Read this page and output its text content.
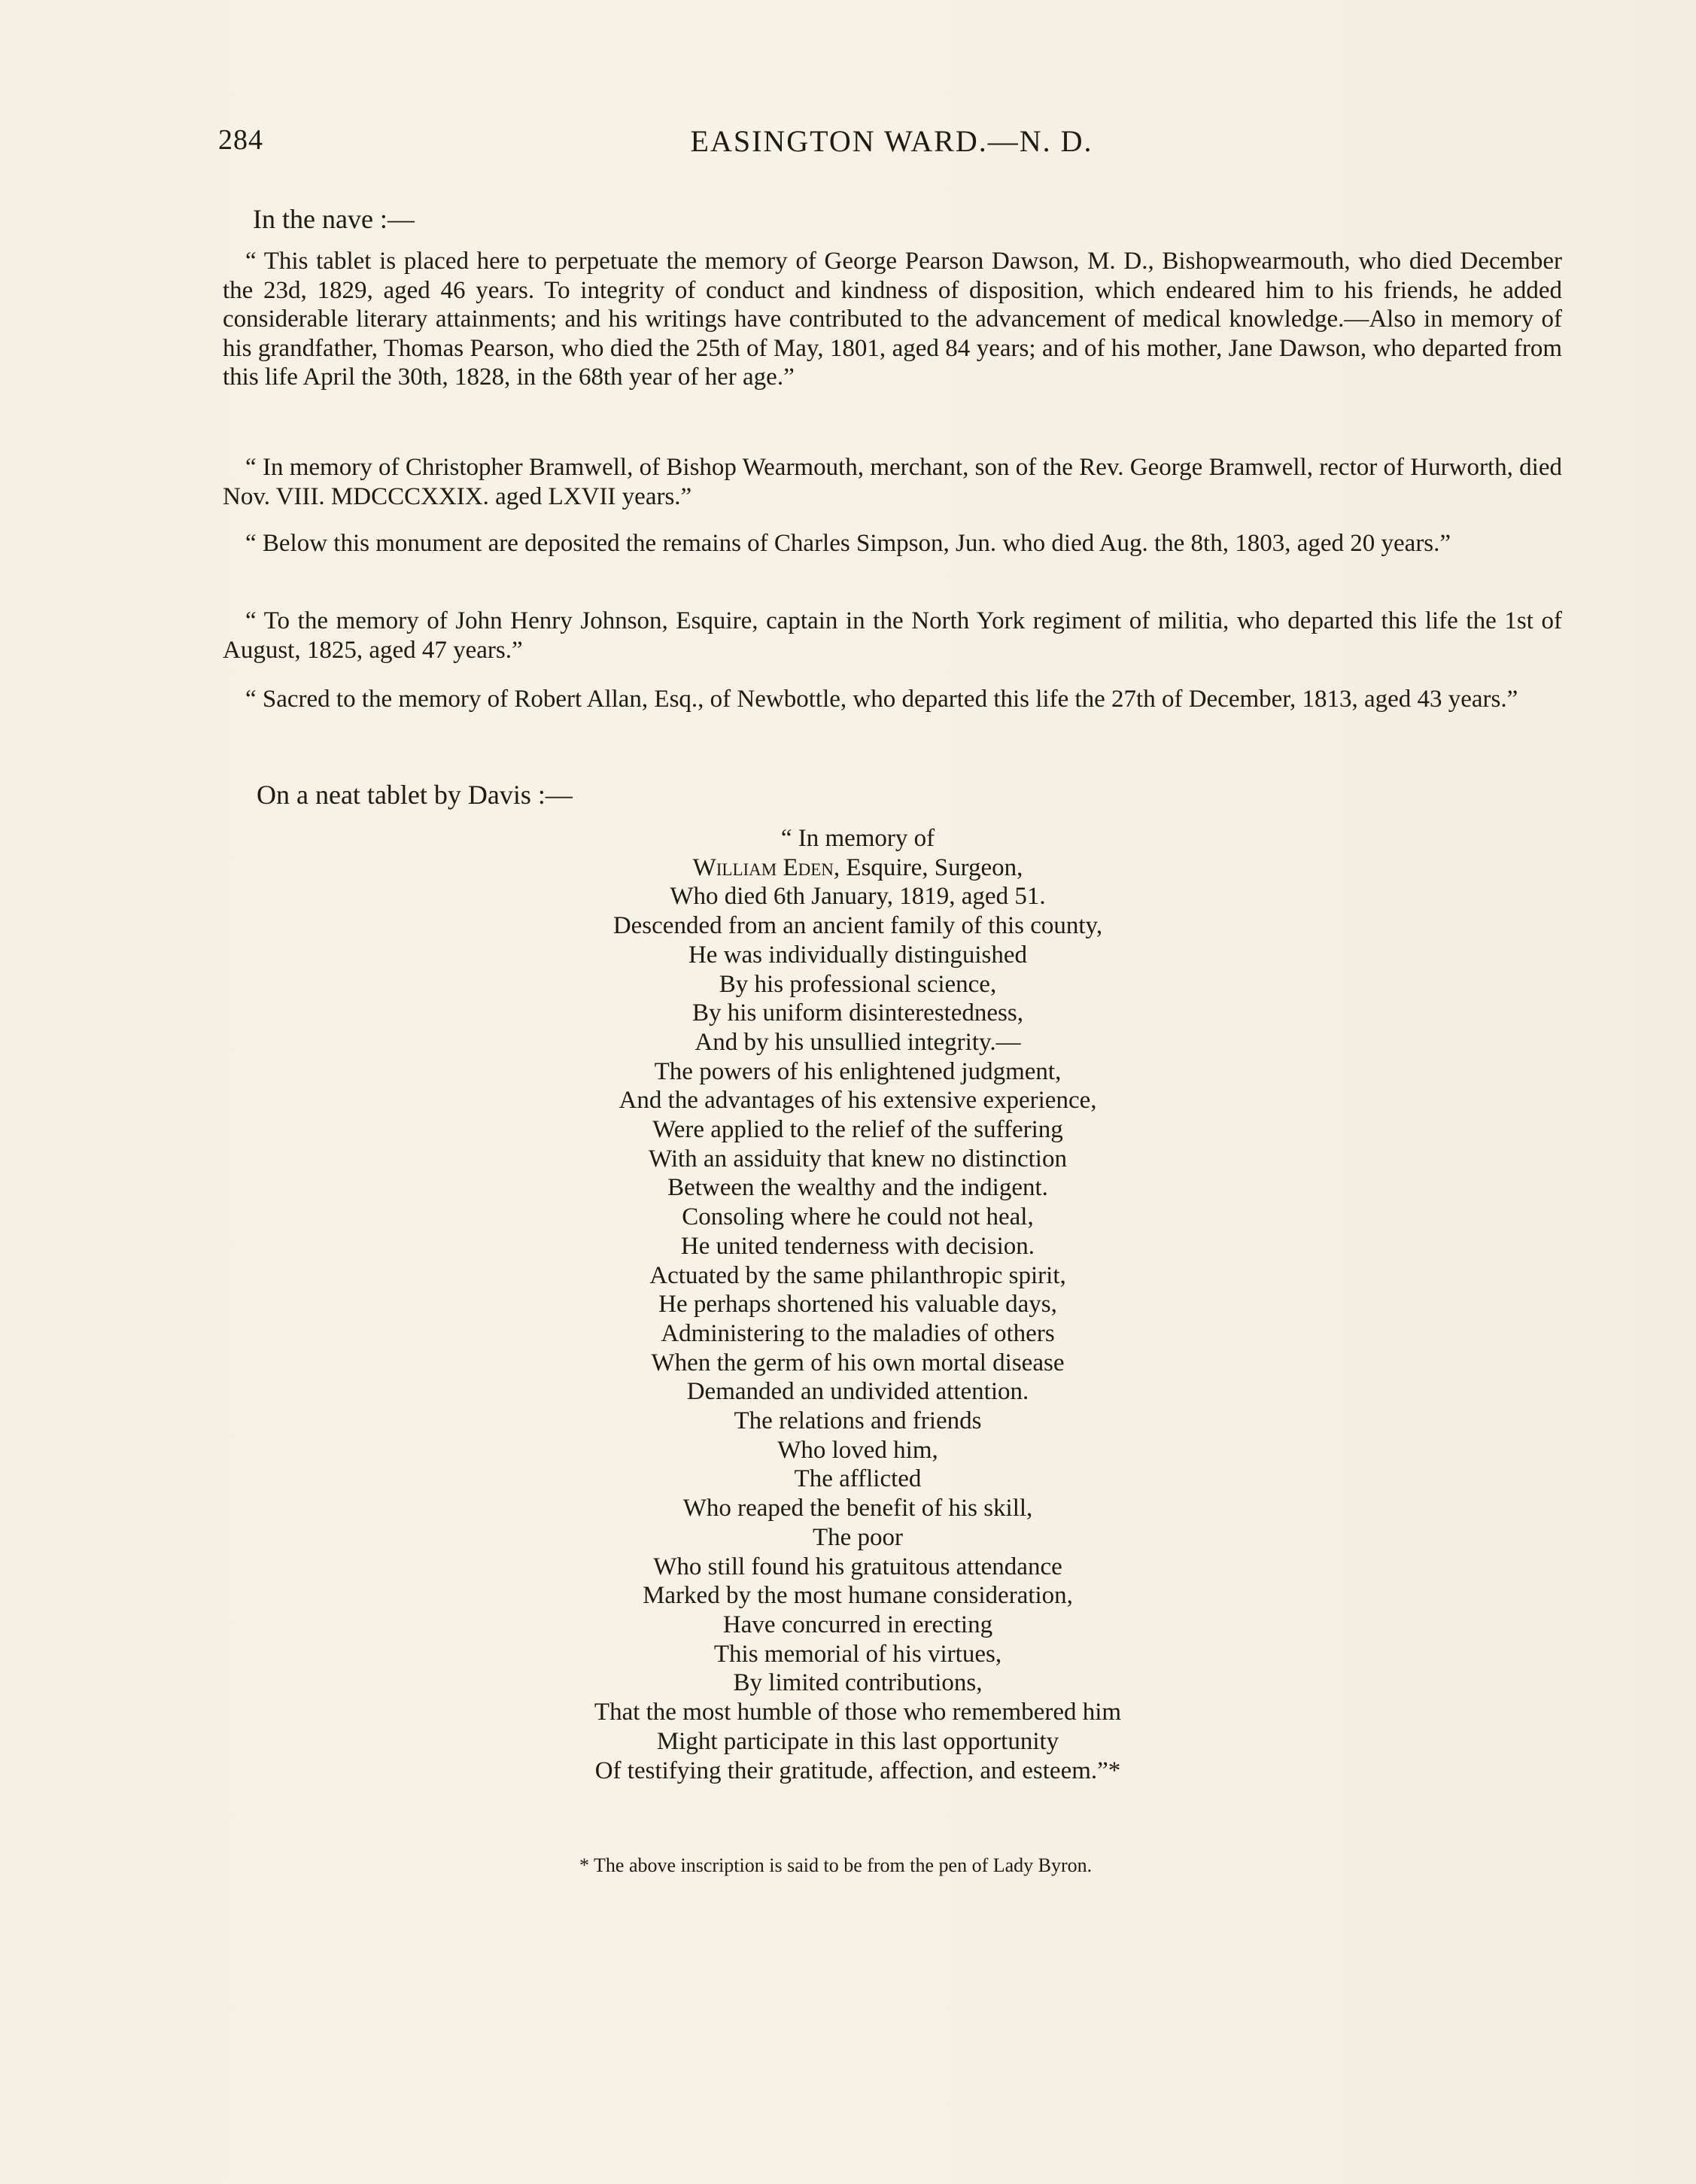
284	EASINGTON WARD.—N. D.
In the nave :—

“ This tablet is placed here to perpetuate the memory of George Pearson Dawson, M. D., Bishopwearmouth, who died December the 23d, 1829, aged 46 years. To integrity of conduct and kindness of disposition, which endeared him to his friends, he added considerable literary attainments; and his writings have contributed to the advancement of medical knowledge.—Also in memory of his grandfather, Thomas Pearson, who died the 25th of May, 1801, aged 84 years; and of his mother, Jane Dawson, who departed from this life April the 30th, 1828, in the 68th year of her age.”

“ In memory of Christopher Bramwell, of Bishop Wearmouth, merchant, son of the Rev. George Bramwell, rector of Hurworth, died Nov. VIII. MDCCCXXIX. aged LXVII years.”

“ Below this monument are deposited the remains of Charles Simpson, Jun. who died Aug. the 8th, 1803, aged 20 years.”

“ To the memory of John Henry Johnson, Esquire, captain in the North York regiment of militia, who departed this life the 1st of August, 1825, aged 47 years.”

“ Sacred to the memory of Robert Allan, Esq., of Newbottle, who departed this life the 27th of December, 1813, aged 43 years.”

On a neat tablet by Davis :—
“ In memory of
William Eden, Esquire, Surgeon,
Who died 6th January, 1819, aged 51.
Descended from an ancient family of this county,
He was individually distinguished
By his professional science,
By his uniform disinterestedness,
And by his unsullied integrity.—
The powers of his enlightened judgment,
And the advantages of his extensive experience,
Were applied to the relief of the suffering
With an assiduity that knew no distinction
Between the wealthy and the indigent.
Consoling where he could not heal,
He united tenderness with decision.
Actuated by the same philanthropic spirit,
He perhaps shortened his valuable days,
Administering to the maladies of others
When the germ of his own mortal disease
Demanded an undivided attention.
The relations and friends
Who loved him,
The afflicted
Who reaped the benefit of his skill,
The poor
Who still found his gratuitous attendance
Marked by the most humane consideration,
Have concurred in erecting
This memorial of his virtues,
By limited contributions,
That the most humble of those who remembered him
Might participate in this last opportunity
Of testifying their gratitude, affection, and esteem.”*
* The above inscription is said to be from the pen of Lady Byron.
